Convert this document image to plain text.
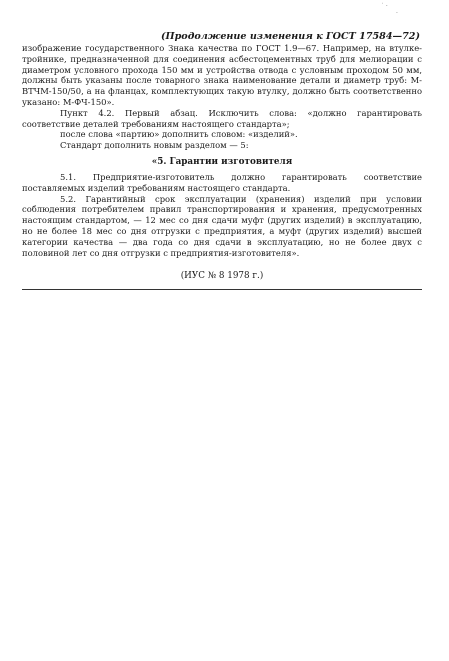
˙ ·
·
(Продолжение изменения к ГОСТ 17584—72)

изображение государственного Знака качества по ГОСТ 1.9—67. Например, на втулке-тройнике, предназначенной для соединения асбестоцементных труб для мелиорации с диаметром условного прохода 150 мм и устройства отвода с условным проходом 50 мм, должны быть указаны после товарного знака наименование детали и диаметр труб: М-ВТЧМ-150/50, а на фланцах, комплектующих такую втулку, должно быть соответственно указано: М-ФЧ-150».

Пункт 4.2. Первый абзац. Исключить слова: «должно гарантировать соответствие деталей требованиям настоящего стандарта»;

после слова «партию» дополнить словом: «изделий».

Стандарт дополнить новым разделом — 5:

«5. Гарантии изготовителя

5.1. Предприятие-изготовитель должно гарантировать соответствие поставляемых изделий требованиям настоящего стандарта.

5.2. Гарантийный срок эксплуатации (хранения) изделий при условии соблюдения потребителем правил транспортирования и хранения, предусмотренных настоящим стандартом, — 12 мес со дня сдачи муфт (других изделий) в эксплуатацию, но не более 18 мес со дня отгрузки с предприятия, а муфт (других изделий) высшей категории качества — два года со дня сдачи в эксплуатацию, но не более двух с половиной лет со дня отгрузки с предприятия-изготовителя».

(ИУС № 8 1978 г.)
